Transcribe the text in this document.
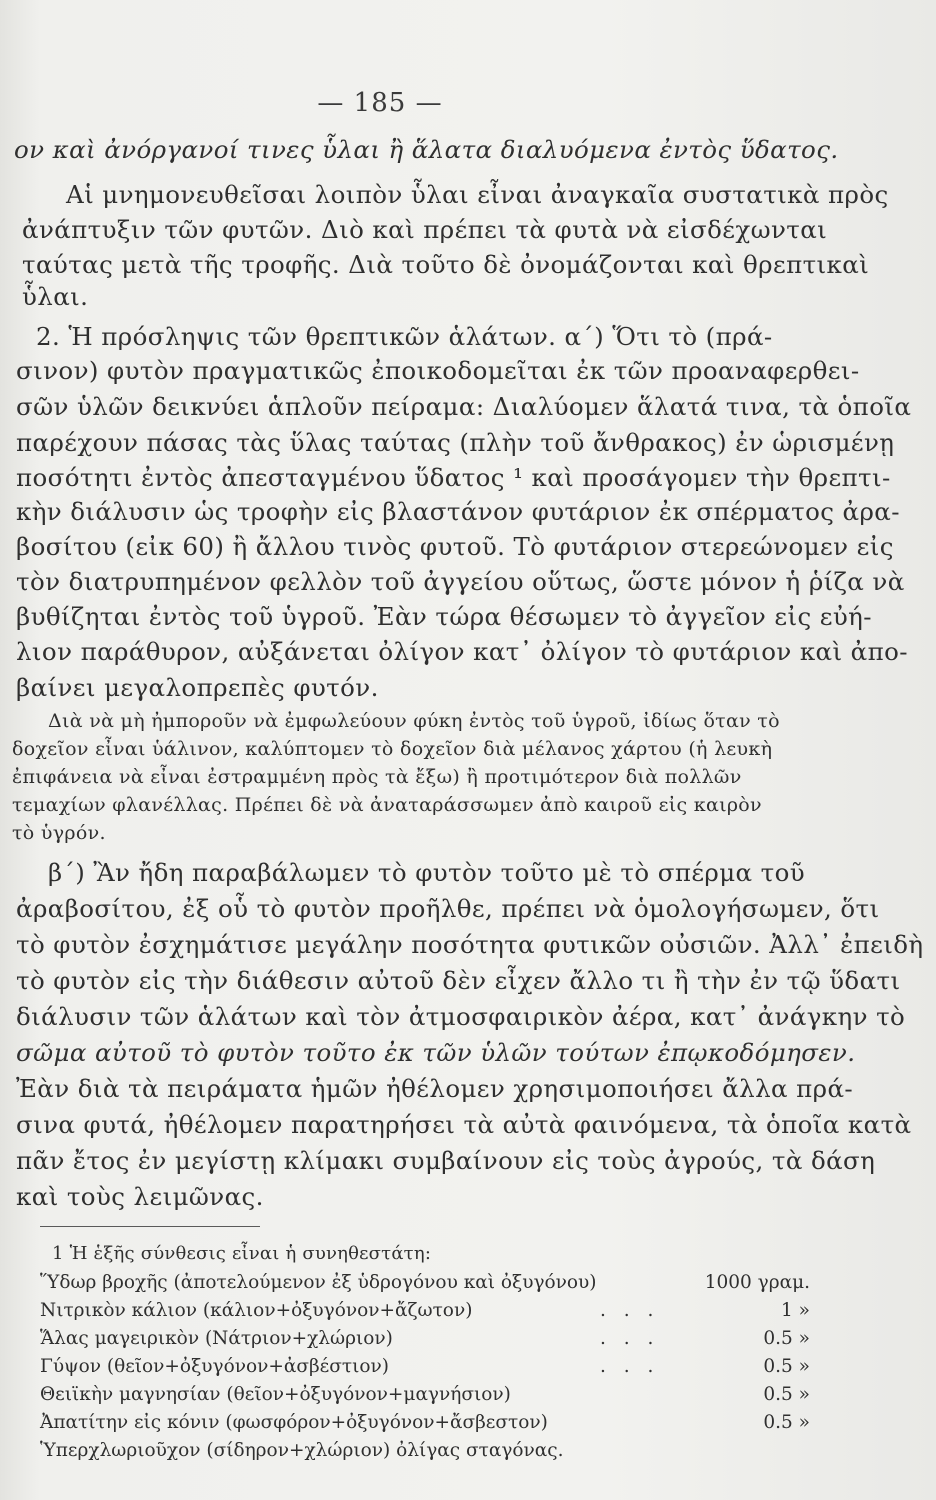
— 185 —
ον καὶ ἀνόργανοί τινες ὗλαι ἢ ἅλατα διαλυόμενα ἐντὸς ὕδατος.
Αἱ μνημονευθεῖσαι λοιπὸν ὗλαι εἶναι ἀναγκαῖα συστατικὰ πρὸς
ἀνάπτυξιν τῶν φυτῶν. Διὸ καὶ πρέπει τὰ φυτὰ νὰ εἰσδέχωνται
ταύτας μετὰ τῆς τροφῆς. Διὰ τοῦτο δὲ ὀνομάζονται καὶ θρεπτικαὶ
ὗλαι.
2. Ἡ πρόσληψις τῶν θρεπτικῶν ἁλάτων. α΄) Ὅτι τὸ (πρά-
σινον) φυτὸν πραγματικῶς ἐποικοδομεῖται ἐκ τῶν προαναφερθει-
σῶν ὑλῶν δεικνύει ἁπλοῦν πείραμα: Διαλύομεν ἅλατά τινα, τὰ ὁποῖα
παρέχουν πάσας τὰς ὕλας ταύτας (πλὴν τοῦ ἄνθρακος) ἐν ὡρισμένῃ
ποσότητι ἐντὸς ἀπεσταγμένου ὕδατος ¹ καὶ προσάγομεν τὴν θρεπτι-
κὴν διάλυσιν ὡς τροφὴν εἰς βλαστάνον φυτάριον ἐκ σπέρματος ἀρα-
βοσίτου (εἰκ 60) ἢ ἄλλου τινὸς φυτοῦ. Τὸ φυτάριον στερεώνομεν εἰς
τὸν διατρυπημένον φελλὸν τοῦ ἀγγείου οὕτως, ὥστε μόνον ἡ ῥίζα νὰ
βυθίζηται ἐντὸς τοῦ ὑγροῦ. Ἐὰν τώρα θέσωμεν τὸ ἀγγεῖον εἰς εὐή-
λιον παράθυρον, αὐξάνεται ὀλίγον κατ᾿ ὀλίγον τὸ φυτάριον καὶ ἀπο-
βαίνει μεγαλοπρεπὲς φυτόν.
Διὰ νὰ μὴ ἠμποροῦν νὰ ἐμφωλεύουν φύκη ἐντὸς τοῦ ὑγροῦ, ἰδίως ὅταν τὸ
δοχεῖον εἶναι ὑάλινον, καλύπτομεν τὸ δοχεῖον διὰ μέλανος χάρτου (ἡ λευκὴ
ἐπιφάνεια νὰ εἶναι ἐστραμμένη πρὸς τὰ ἔξω) ἢ προτιμότερον διὰ πολλῶν
τεμαχίων φλανέλλας. Πρέπει δὲ νὰ ἀναταράσσωμεν ἀπὸ καιροῦ εἰς καιρὸν
τὸ ὑγρόν.
β΄) Ἂν ἤδη παραβάλωμεν τὸ φυτὸν τοῦτο μὲ τὸ σπέρμα τοῦ
ἀραβοσίτου, ἐξ οὗ τὸ φυτὸν προῆλθε, πρέπει νὰ ὁμολογήσωμεν, ὅτι
τὸ φυτὸν ἐσχημάτισε μεγάλην ποσότητα φυτικῶν οὐσιῶν. Ἀλλ᾿ ἐπειδὴ
τὸ φυτὸν εἰς τὴν διάθεσιν αὐτοῦ δὲν εἶχεν ἄλλο τι ἢ τὴν ἐν τῷ ὕδατι
διάλυσιν τῶν ἁλάτων καὶ τὸν ἀτμοσφαιρικὸν ἀέρα, κατ᾿ ἀνάγκην τὸ
σῶμα αὐτοῦ τὸ φυτὸν τοῦτο ἐκ τῶν ὑλῶν τούτων ἐπῳκοδόμησεν.
Ἐὰν διὰ τὰ πειράματα ἡμῶν ἠθέλομεν χρησιμοποιήσει ἄλλα πρά-
σινα φυτά, ἠθέλομεν παρατηρήσει τὰ αὐτὰ φαινόμενα, τὰ ὁποῖα κατὰ
πᾶν ἔτος ἐν μεγίστῃ κλίμακι συμβαίνουν εἰς τοὺς ἀγρούς, τὰ δάση
καὶ τοὺς λειμῶνας.
1 Ἡ ἑξῆς σύνθεσις εἶναι ἡ συνηθεστάτη:
Ὕδωρ βροχῆς (ἀποτελούμενον ἐξ ὑδρογόνου καὶ ὀξυγόνου)	1000 γραμ.
Νιτρικὸν κάλιον (κάλιον+ὀξυγόνον+ἄζωτον)	. . .	1 »
Ἅλας μαγειρικὸν (Νάτριον+χλώριον)	. . .	0.5 »
Γύψον (θεῖον+ὀξυγόνον+ἀσβέστιον)	. . .	0.5 »
Θειϊκὴν μαγνησίαν (θεῖον+ὀξυγόνον+μαγνήσιον)	0.5 »
Ἀπατίτην εἰς κόνιν (φωσφόρον+ὀξυγόνον+ἄσβεστον)	0.5 »
Ὑπερχλωριοῦχον (σίδηρον+χλώριον) ὀλίγας σταγόνας.
